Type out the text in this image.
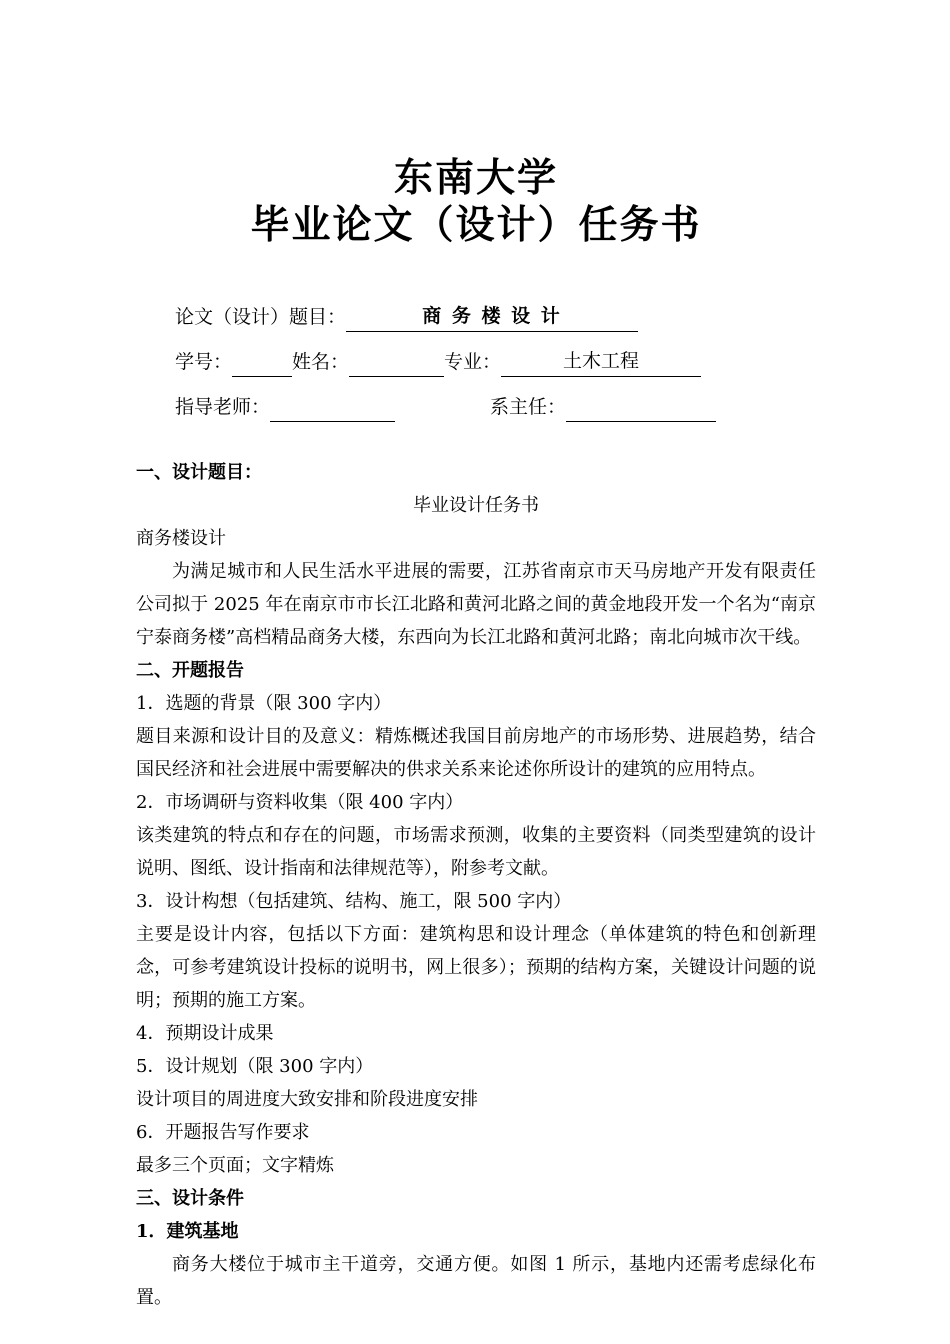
东南大学
毕业论文（设计）任务书
论文（设计）题目：	商 务 楼 设 计
学号：	姓名：	专业：	土木工程
指导老师：	系主任：

一、设计题目：

毕业设计任务书

商务楼设计

为满足城市和人民生活水平进展的需要，江苏省南京市天马房地产开发有限责任公司拟于 2025 年在南京市市长江北路和黄河北路之间的黄金地段开发一个名为“南京宁泰商务楼”高档精品商务大楼，东西向为长江北路和黄河北路；南北向城市次干线。

二、开题报告

1．选题的背景（限 300 字内）

题目来源和设计目的及意义：精炼概述我国目前房地产的市场形势、进展趋势，结合国民经济和社会进展中需要解决的供求关系来论述你所设计的建筑的应用特点。

2．市场调研与资料收集（限 400 字内）

该类建筑的特点和存在的问题，市场需求预测，收集的主要资料（同类型建筑的设计说明、图纸、设计指南和法律规范等），附参考文献。

3．设计构想（包括建筑、结构、施工，限 500 字内）

主要是设计内容，包括以下方面：建筑构思和设计理念（单体建筑的特色和创新理念，可参考建筑设计投标的说明书，网上很多）；预期的结构方案，关键设计问题的说明；预期的施工方案。

4．预期设计成果

5．设计规划（限 300 字内）

设计项目的周进度大致安排和阶段进度安排

6．开题报告写作要求

最多三个页面；文字精炼

三、设计条件

1．建筑基地

商务大楼位于城市主干道旁，交通方便。如图 1 所示，基地内还需考虑绿化布置。
